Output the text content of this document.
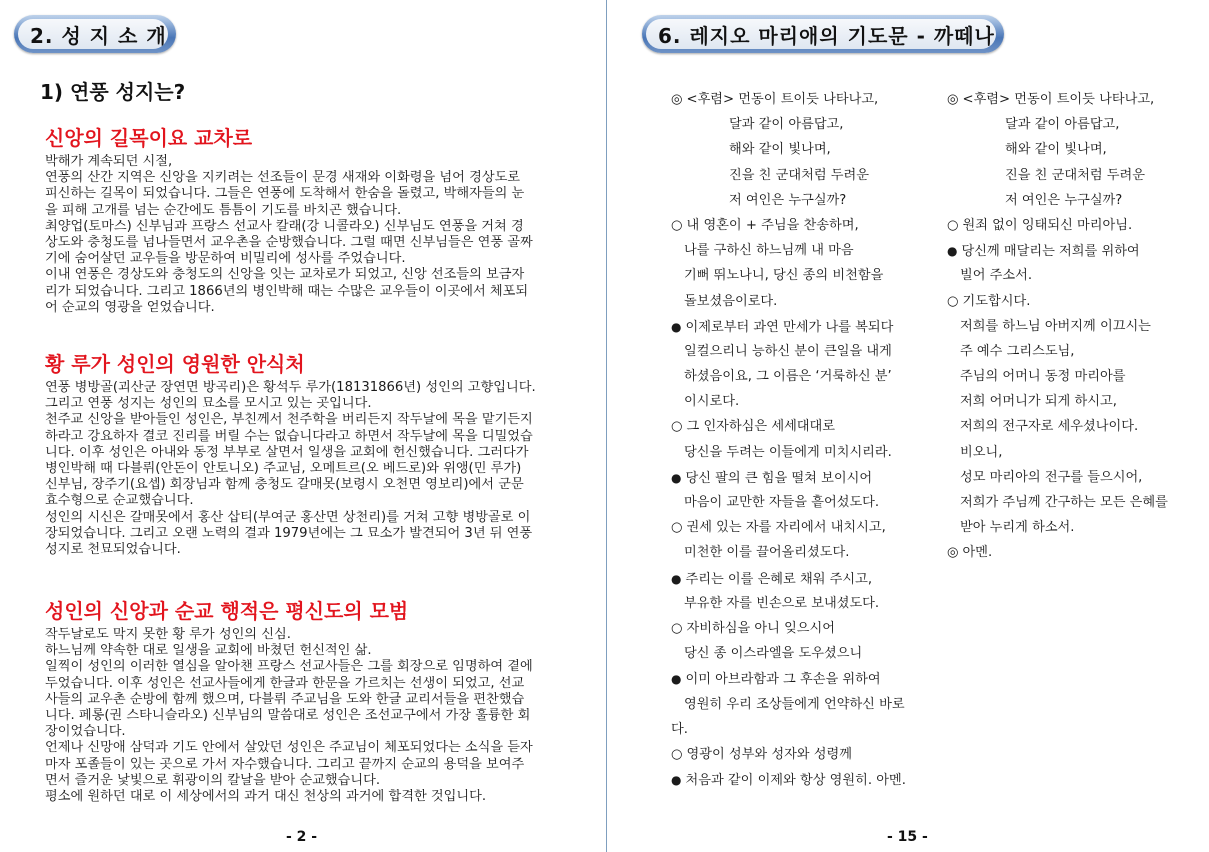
2. 성 지 소 개
1) 연풍 성지는?
신앙의 길목이요 교차로
박해가 계속되던 시절,
연풍의 산간 지역은 신앙을 지키려는 선조들이 문경 새재와 이화령을 넘어 경상도로
피신하는 길목이 되었습니다. 그들은 연풍에 도착해서 한숨을 돌렸고, 박해자들의 눈
을 피해 고개를 넘는 순간에도 틈틈이 기도를 바치곤 했습니다.
최양업(토마스) 신부님과 프랑스 선교사 칼래(강 니콜라오) 신부님도 연풍을 거쳐 경
상도와 충청도를 넘나들면서 교우촌을 순방했습니다. 그럴 때면 신부님들은 연풍 골짜
기에 숨어살던 교우들을 방문하여 비밀리에 성사를 주었습니다.
이내 연풍은 경상도와 충청도의 신앙을 잇는 교차로가 되었고, 신앙 선조들의 보금자
리가 되었습니다. 그리고 1866년의 병인박해 때는 수많은 교우들이 이곳에서 체포되
어 순교의 영광을 얻었습니다.
황 루가 성인의 영원한 안식처
연풍 병방골(괴산군 장연면 방곡리)은 황석두 루가(18131866년) 성인의 고향입니다.
그리고 연풍 성지는 성인의 묘소를 모시고 있는 곳입니다.
천주교 신앙을 받아들인 성인은, 부친께서 천주학을 버리든지 작두날에 목을 맡기든지
하라고 강요하자 결코 진리를 버릴 수는 없습니다라고 하면서 작두날에 목을 디밀었습
니다. 이후 성인은 아내와 동정 부부로 살면서 일생을 교회에 헌신했습니다. 그러다가
병인박해 때 다블뤼(안돈이 안토니오) 주교님, 오메트르(오 베드로)와 위앵(민 루가)
신부님, 장주기(요셉) 회장님과 함께 충청도 갈매못(보령시 오천면 영보리)에서 군문
효수형으로 순교했습니다.
성인의 시신은 갈매못에서 홍산 삽티(부여군 홍산면 상천리)를 거쳐 고향 병방골로 이
장되었습니다. 그리고 오랜 노력의 결과 1979년에는 그 묘소가 발견되어 3년 뒤 연풍
성지로 천묘되었습니다.
성인의 신앙과 순교 행적은 평신도의 모범
작두날로도 막지 못한 황 루가 성인의 신심.
하느님께 약속한 대로 일생을 교회에 바쳤던 헌신적인 삶.
일찍이 성인의 이러한 열심을 알아챈 프랑스 선교사들은 그를 회장으로 임명하여 곁에
두었습니다. 이후 성인은 선교사들에게 한글과 한문을 가르치는 선생이 되었고, 선교
사들의 교우촌 순방에 함께 했으며, 다블뤼 주교님을 도와 한글 교리서들을 편찬했습
니다. 페롱(권 스타니슬라오) 신부님의 말씀대로 성인은 조선교구에서 가장 훌륭한 회
장이었습니다.
언제나 신망애 삼덕과 기도 안에서 살았던 성인은 주교님이 체포되었다는 소식을 듣자
마자 포졸들이 있는 곳으로 가서 자수했습니다. 그리고 끝까지 순교의 용덕을 보여주
면서 즐거운 낯빛으로 휘광이의 칼날을 받아 순교했습니다.
평소에 원하던 대로 이 세상에서의 과거 대신 천상의 과거에 합격한 것입니다.
- 2 -
6. 레지오 마리애의 기도문 - 까떼나
◎ <후렴> 먼동이 트이듯 나타나고,
달과 같이 아름답고,
해와 같이 빛나며,
진을 친 군대처럼 두려운
저 여인은 누구실까?
○ 내 영혼이 + 주님을 찬송하며,
나를 구하신 하느님께 내 마음
기뻐 뛰노나니, 당신 종의 비천함을
돌보셨음이로다.
● 이제로부터 과연 만세가 나를 복되다
일컬으리니 능하신 분이 큰일을 내게
하셨음이요, 그 이름은 ‘거룩하신 분’
이시로다.
○ 그 인자하심은 세세대대로
당신을 두려는 이들에게 미치시리라.
● 당신 팔의 큰 힘을 떨쳐 보이시어
마음이 교만한 자들을 흩어섰도다.
○ 권세 있는 자를 자리에서 내치시고,
미천한 이를 끌어올리셨도다.
● 주리는 이를 은혜로 채워 주시고,
부유한 자를 빈손으로 보내셨도다.
○ 자비하심을 아니 잊으시어
당신 종 이스라엘을 도우셨으니
● 이미 아브라함과 그 후손을 위하여
영원히 우리 조상들에게 언약하신 바로
다.
○ 영광이 성부와 성자와 성령께
● 처음과 같이 이제와 항상 영원히. 아멘.
◎ <후렴> 먼동이 트이듯 나타나고,
달과 같이 아름답고,
해와 같이 빛나며,
진을 친 군대처럼 두려운
저 여인은 누구실까?
○ 원죄 없이 잉태되신 마리아님.
● 당신께 매달리는 저희를 위하여
빌어 주소서.
○ 기도합시다.
저희를 하느님 아버지께 이끄시는
주 예수 그리스도님,
주님의 어머니 동정 마리아를
저희 어머니가 되게 하시고,
저희의 전구자로 세우셨나이다.
비오니,
성모 마리아의 전구를 들으시어,
저희가 주님께 간구하는 모든 은혜를
받아 누리게 하소서.
◎ 아멘.
- 15 -
